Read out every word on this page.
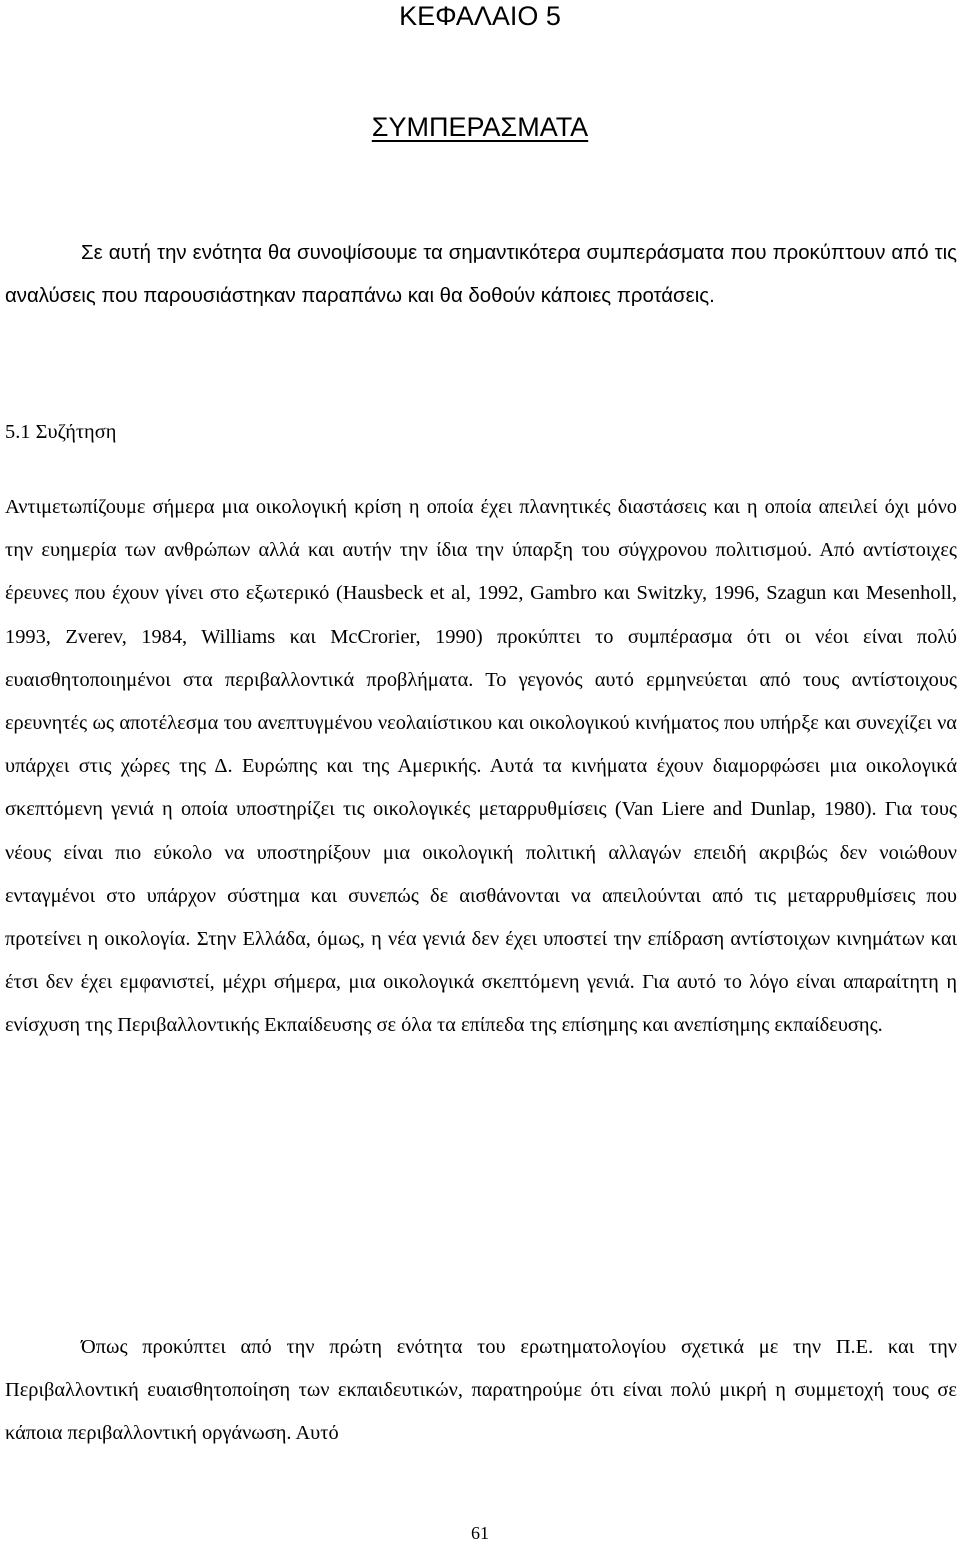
ΚΕΦΑΛΑΙΟ 5
ΣΥΜΠΕΡΑΣΜΑΤΑ

Σε αυτή την ενότητα θα συνοψίσουμε τα σημαντικότερα συμπεράσματα που προκύπτουν από τις αναλύσεις που παρουσιάστηκαν παραπάνω και θα δοθούν κάποιες προτάσεις.

5.1 Συζήτηση

Αντιμετωπίζουμε σήμερα μια οικολογική κρίση η οποία έχει πλανητικές διαστάσεις και η οποία απειλεί όχι μόνο την ευημερία των ανθρώπων αλλά και αυτήν την ίδια την ύπαρξη του σύγχρονου πολιτισμού. Από αντίστοιχες έρευνες που έχουν γίνει στο εξωτερικό (Hausbeck et al, 1992, Gambro και Switzky, 1996, Szagun και Mesenholl, 1993, Zverev, 1984, Williams και McCrorier, 1990) προκύπτει το συμπέρασμα ότι οι νέοι είναι πολύ ευαισθητοποιημένοι στα περιβαλλοντικά προβλήματα. Το γεγονός αυτό ερμηνεύεται από τους αντίστοιχους ερευνητές ως αποτέλεσμα του ανεπτυγμένου νεολαιίστικου και οικολογικού κινήματος που υπήρξε και συνεχίζει να υπάρχει στις χώρες της Δ. Ευρώπης και της Αμερικής. Αυτά τα κινήματα έχουν διαμορφώσει μια οικολογικά σκεπτόμενη γενιά η οποία υποστηρίζει τις οικολογικές μεταρρυθμίσεις (Van Liere and Dunlap, 1980). Για τους νέους είναι πιο εύκολο να υποστηρίξουν μια οικολογική πολιτική αλλαγών επειδή ακριβώς δεν νοιώθουν ενταγμένοι στο υπάρχον σύστημα και συνεπώς δε αισθάνονται να απειλούνται από τις μεταρρυθμίσεις που προτείνει η οικολογία. Στην Ελλάδα, όμως, η νέα γενιά δεν έχει υποστεί την επίδραση αντίστοιχων κινημάτων και έτσι δεν έχει εμφανιστεί, μέχρι σήμερα, μια οικολογικά σκεπτόμενη γενιά. Για αυτό το λόγο είναι απαραίτητη η ενίσχυση της Περιβαλλοντικής Εκπαίδευσης σε όλα τα επίπεδα της επίσημης και ανεπίσημης εκπαίδευσης.

Όπως προκύπτει από την πρώτη ενότητα του ερωτηματολογίου σχετικά με την Π.Ε. και την Περιβαλλοντική ευαισθητοποίηση των εκπαιδευτικών, παρατηρούμε ότι είναι πολύ μικρή η συμμετοχή τους σε κάποια περιβαλλοντική οργάνωση. Αυτό

61
